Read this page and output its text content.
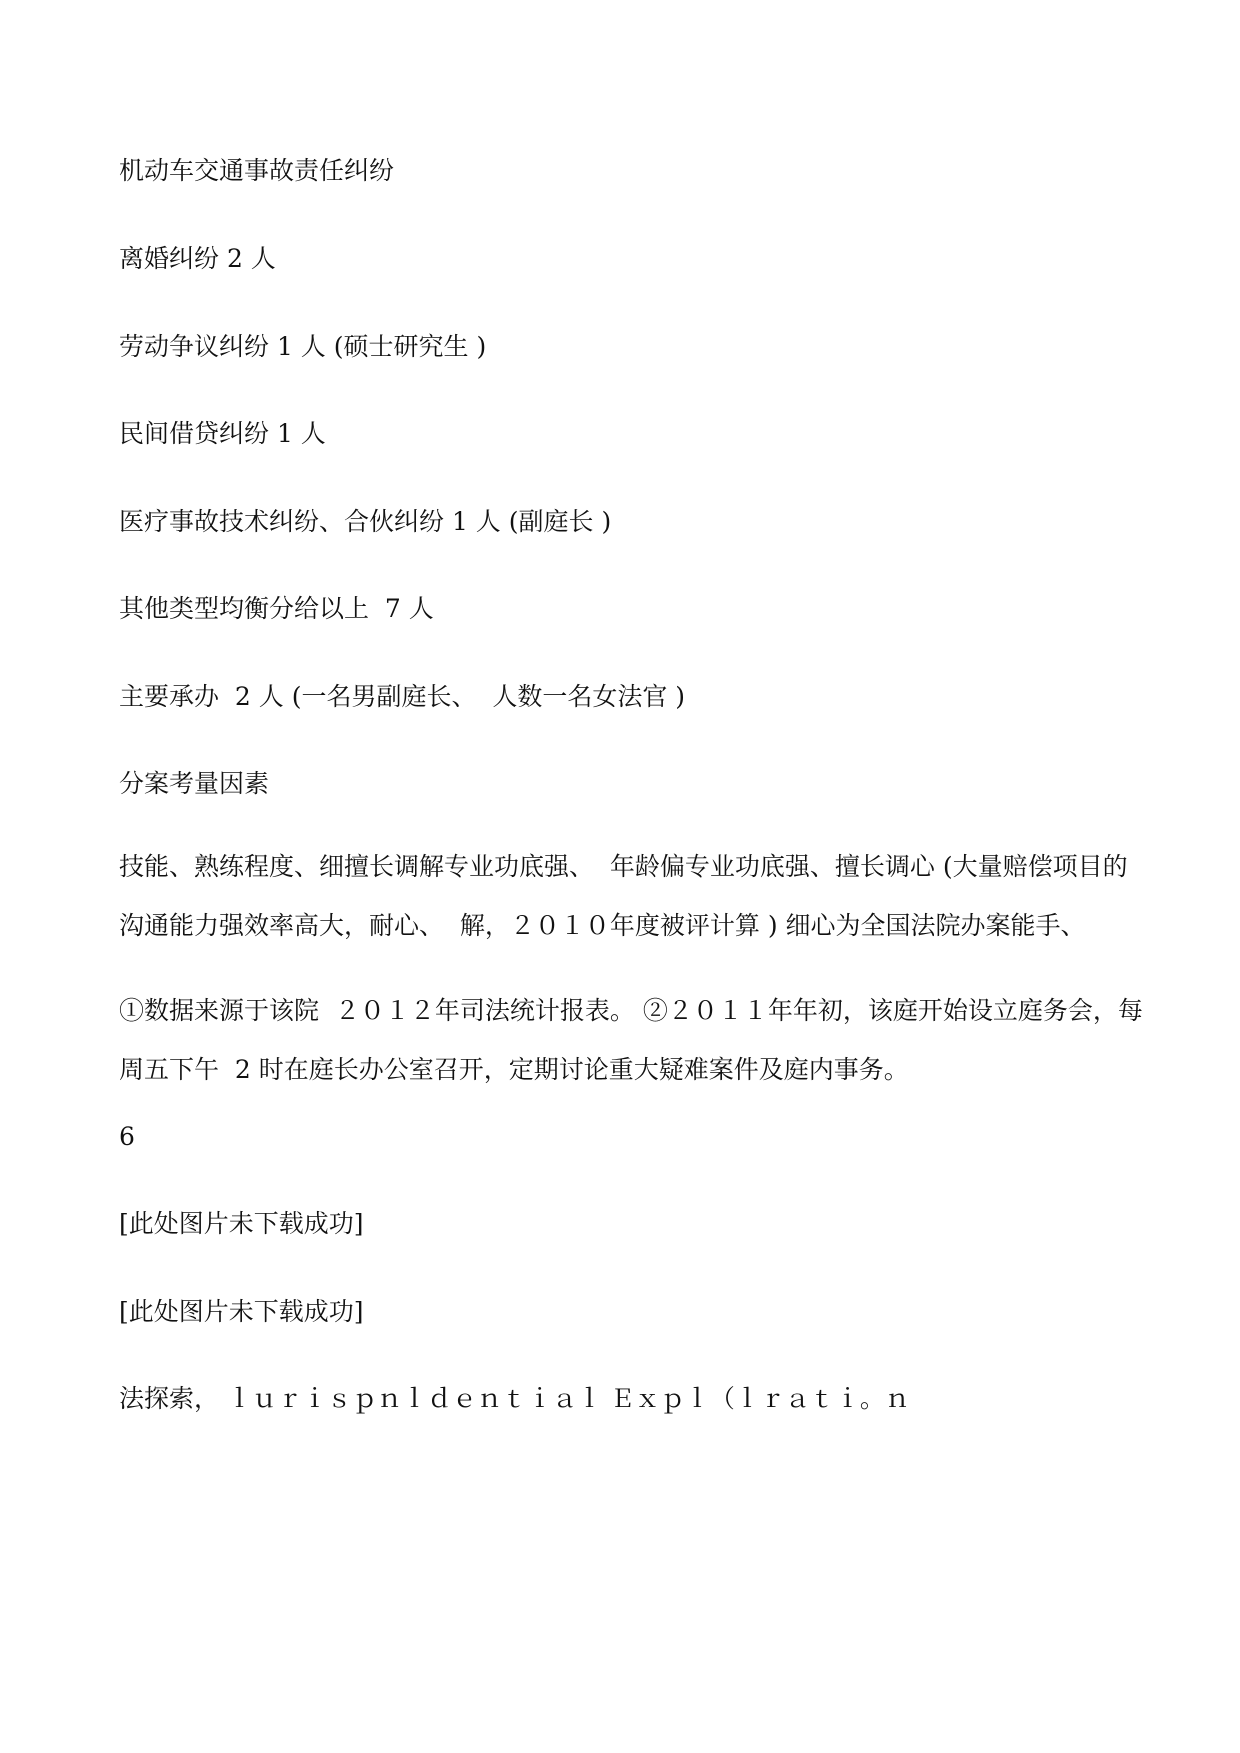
机动车交通事故责任纠纷

离婚纠纷 2 人

劳动争议纠纷 1 人 (硕士研究生 )

民间借贷纠纷 1 人

医疗事故技术纠纷、合伙纠纷 1 人 (副庭长 )

其他类型均衡分给以上  7 人

主要承办  2 人 (一名男副庭长、  人数一名女法官 )

分案考量因素

技能、熟练程度、细擅长调解专业功底强、  年龄偏专业功底强、擅长调心 (大量赔偿项目的
沟通能力强效率高大，耐心、  解，２０１０年度被评计算 ) 细心为全国法院办案能手、
①数据来源于该院  ２０１２年司法统计报表。 ②２０１１年年初，该庭开始设立庭务会，每
周五下午  2 时在庭长办公室召开，定期讨论重大疑难案件及庭内事务。

6

[此处图片未下载成功]

[此处图片未下载成功]

法探索， ｌｕｒｉｓｐｎｌｄｅｎｔｉａｌ Ｅｘｐｌ（ｌｒａｔｉ。ｎ
